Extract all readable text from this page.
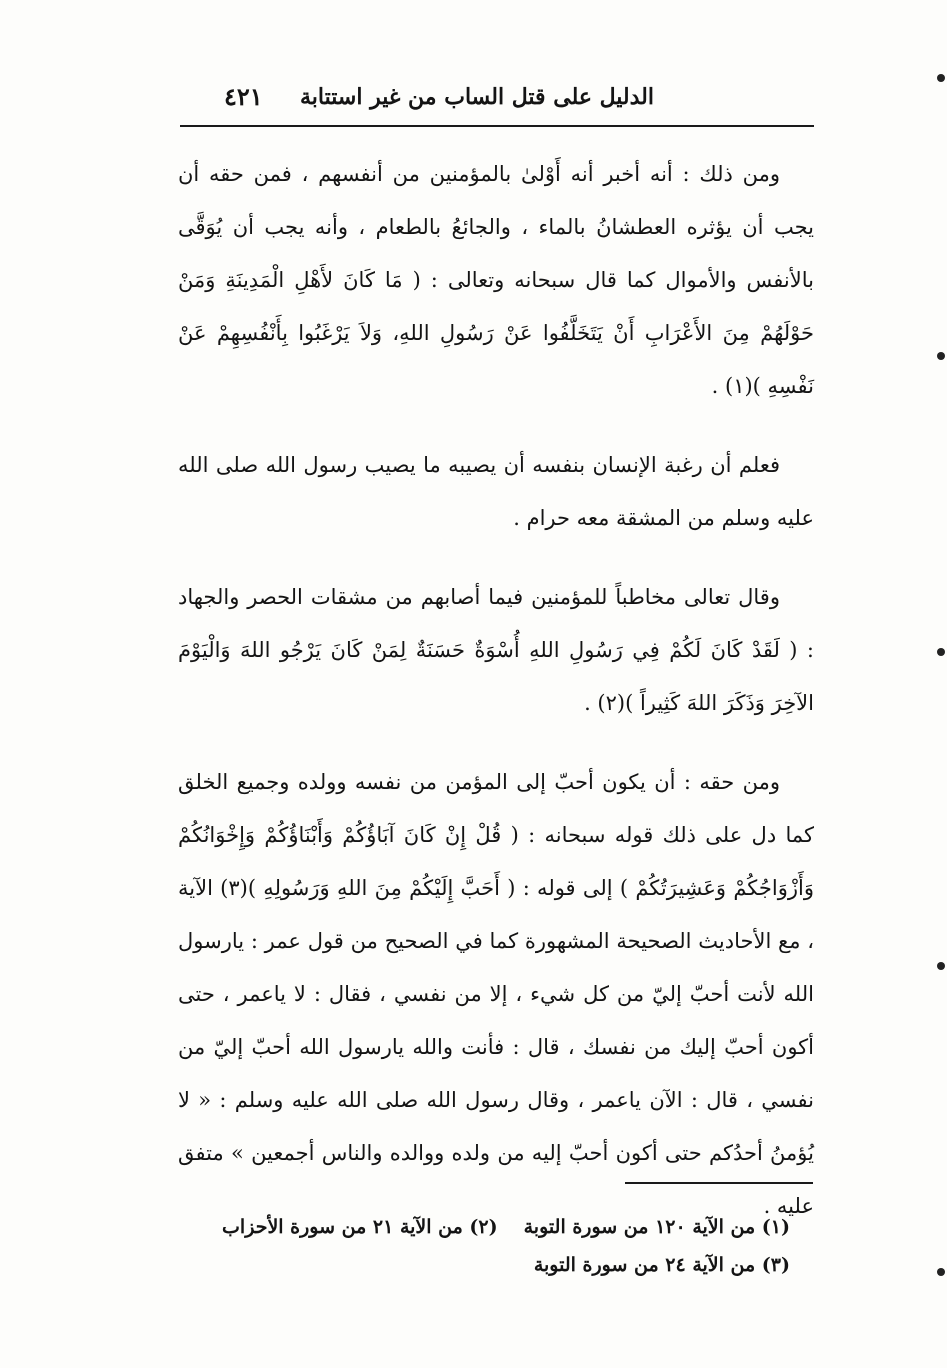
الدليل على قتل الساب من غير استتابة
٤٢١

ومن ذلك : أنه أخبر أنه أَوْلىٰ بالمؤمنين من أنفسهم ، فمن حقه أن يجب أن يؤثره العطشانُ بالماء ، والجائعُ بالطعام ، وأنه يجب أن يُوَقَّى بالأنفس والأموال كما قال سبحانه وتعالى : ( مَا كَانَ لأَهْلِ الْمَدِينَةِ وَمَنْ حَوْلَهُمْ مِنَ الأَعْرَابِ أَنْ يَتَخَلَّفُوا عَنْ رَسُولِ اللهِ، وَلاَ يَرْغَبُوا بِأَنْفُسِهِمْ عَنْ نَفْسِهِ )(١) .

فعلم أن رغبة الإنسان بنفسه أن يصيبه ما يصيب رسول الله صلى الله عليه وسلم من المشقة معه حرام .

وقال تعالى مخاطباً للمؤمنين فيما أصابهم من مشقات الحصر والجهاد : ( لَقَدْ كَانَ لَكُمْ فِي رَسُولِ اللهِ أُسْوَةٌ حَسَنَةٌ لِمَنْ كَانَ يَرْجُو اللهَ وَالْيَوْمَ الآخِرَ وَذَكَرَ اللهَ كَثِيراً )(٢) .

ومن حقه : أن يكون أحبّ إلى المؤمن من نفسه وولده وجميع الخلق كما دل على ذلك قوله سبحانه : ( قُلْ إِنْ كَانَ آبَاؤُكُمْ وَأَبْنَاؤُكُمْ وَإِخْوَانُكُمْ وَأَزْوَاجُكُمْ وَعَشِيرَتُكُمْ ) إلى قوله : ( أَحَبَّ إِلَيْكُمْ مِنَ اللهِ وَرَسُولِهِ )(٣) الآية ، مع الأحاديث الصحيحة المشهورة كما في الصحيح من قول عمر : يارسول الله لأنت أحبّ إليّ من كل شيء ، إلا من نفسي ، فقال : لا ياعمر ، حتى أكون أحبّ إليك من نفسك ، قال : فأنت والله يارسول الله أحبّ إليّ من نفسي ، قال : الآن ياعمر ، وقال رسول الله صلى الله عليه وسلم : « لا يُؤمنُ أحدُكم حتى أكون أحبّ إليه من ولده ووالده والناس أجمعين » متفق عليه .

(١) من الآية ١٢٠ من سورة التوبة
(٢) من الآية ٢١ من سورة الأحزاب
(٣) من الآية ٢٤ من سورة التوبة
